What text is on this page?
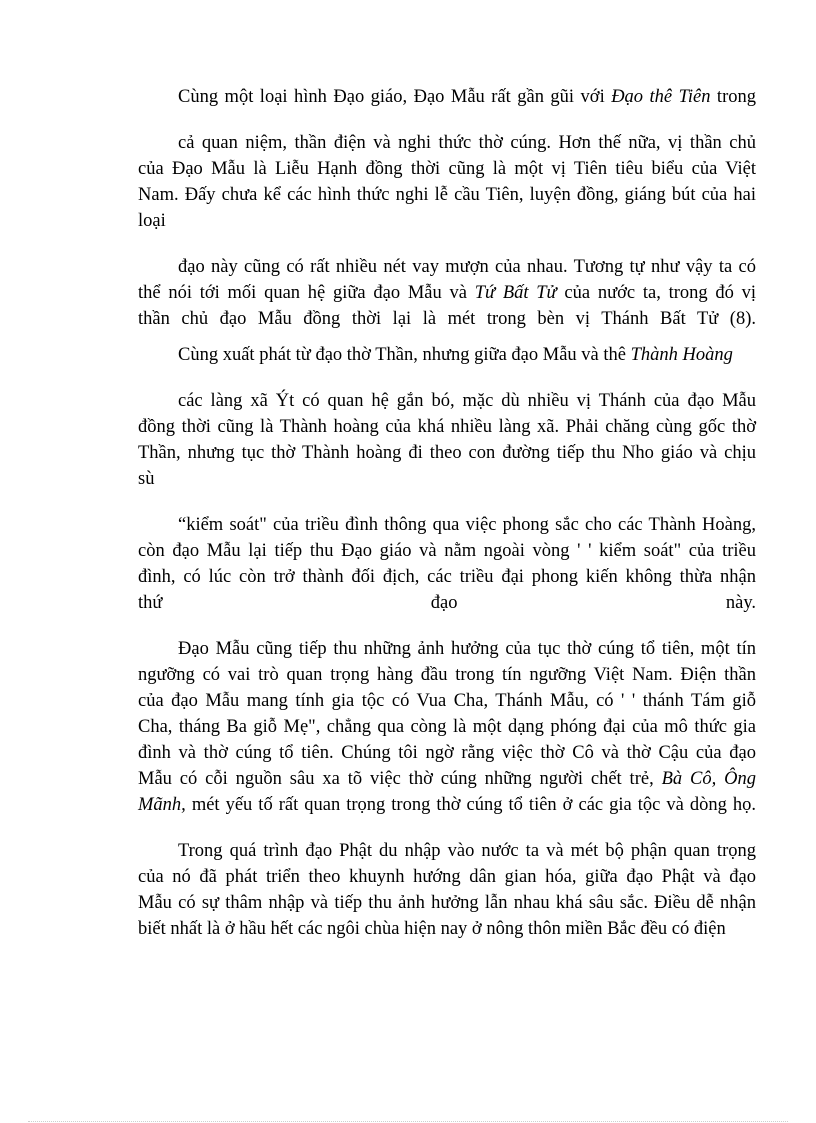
Cùng một loại hình Đạo giáo, Đạo Mẫu rất gần gũi với Đạo thê Tiên trong
cả quan niệm, thần điện và nghi thức thờ cúng. Hơn thế nữa, vị thần chủ
của Đạo Mẫu là Liễu Hạnh đồng thời cũng là một vị Tiên tiêu biểu của Việt
Nam. Đấy chưa kể các hình thức nghi lễ cầu Tiên, luyện đồng, giáng bút của hai
loại
đạo này cũng có rất nhiều nét vay mượn của nhau. Tương tự như vậy ta có
thể nói tới mối quan hệ giữa đạo Mẫu và Tứ Bất Tử của nước ta, trong đó vị
thần chủ đạo Mẫu đồng thời lại là mét trong bèn vị Thánh Bất Tử (8).
Cùng xuất phát từ đạo thờ Thần, nhưng giữa đạo Mẫu và thê Thành Hoàng
các làng xã Ýt có quan hệ gắn bó, mặc dù nhiều vị Thánh của đạo Mẫu
đồng thời cũng là Thành hoàng của khá nhiều làng xã. Phải chăng cùng gốc thờ
Thần, nhưng tục thờ Thành hoàng đi theo con đường tiếp thu Nho giáo và chịu
sù
“kiểm soát" của triều đình thông qua việc phong sắc cho các Thành Hoàng,
còn đạo Mẫu lại tiếp thu Đạo giáo và nằm ngoài vòng ' ' kiểm soát" của triều
đình, có lúc còn trở thành đối địch, các triều đại phong kiến không thừa nhận
thứ đạo này.
Đạo Mẫu cũng tiếp thu những ảnh hưởng của tục thờ cúng tổ tiên, một tín
ngưỡng có vai trò quan trọng hàng đầu trong tín ngưỡng Việt Nam. Điện thần
của đạo Mẫu mang tính gia tộc có Vua Cha, Thánh Mẫu, có ' ' thánh Tám giỗ
Cha, tháng Ba giỗ Mẹ", chẳng qua còng là một dạng phóng đại của mô thức gia
đình và thờ cúng tổ tiên. Chúng tôi ngờ rằng việc thờ Cô và thờ Cậu của đạo
Mẫu có cỗi nguồn sâu xa tõ việc thờ cúng những người chết trẻ, Bà Cô, Ông
Mãnh, mét yếu tố rất quan trọng trong thờ cúng tổ tiên ở các gia tộc và dòng họ.
Trong quá trình đạo Phật du nhập vào nước ta và mét bộ phận quan trọng
của nó đã phát triển theo khuynh hướng dân gian hóa, giữa đạo Phật và đạo
Mẫu có sự thâm nhập và tiếp thu ảnh hưởng lẫn nhau khá sâu sắc. Điều dễ nhận
biết nhất là ở hầu hết các ngôi chùa hiện nay ở nông thôn miền Bắc đều có điện
